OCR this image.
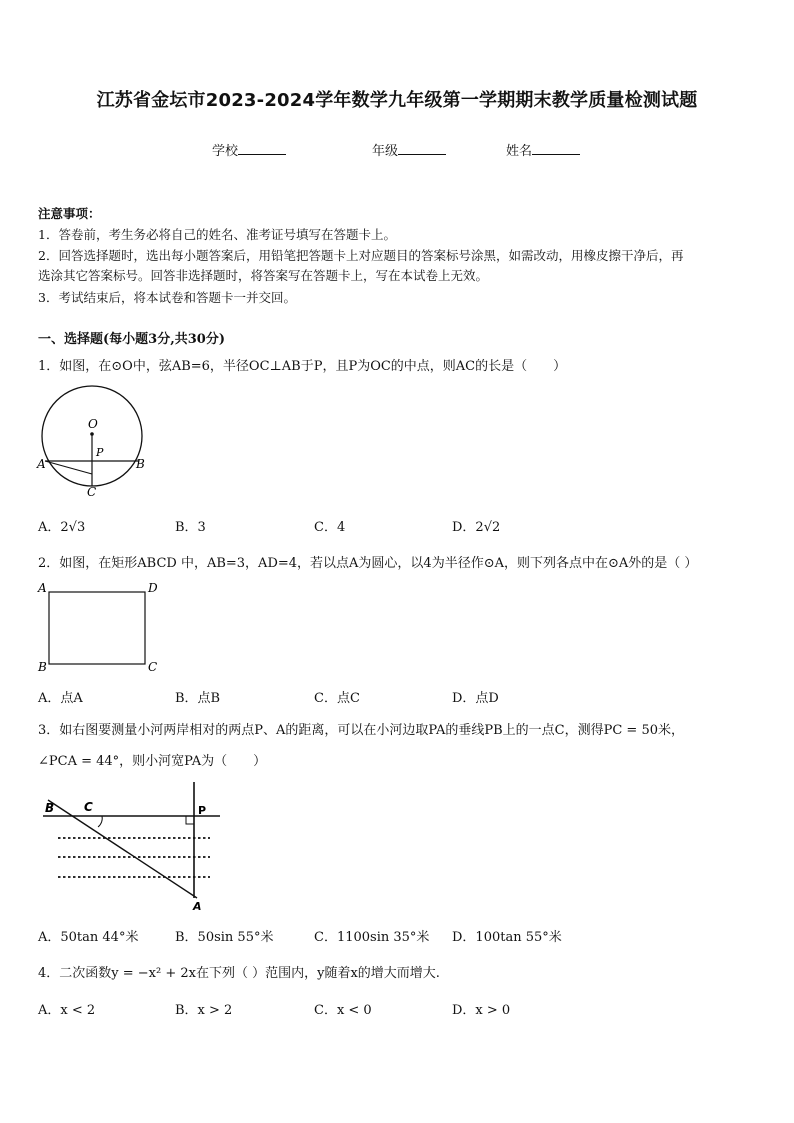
江苏省金坛市2023-2024学年数学九年级第一学期期末教学质量检测试题
学校	年级	姓名
注意事项：
1．答卷前，考生务必将自己的姓名、准考证号填写在答题卡上。
2．回答选择题时，选出每小题答案后，用铅笔把答题卡上对应题目的答案标号涂黑，如需改动，用橡皮擦干净后，再
选涂其它答案标号。回答非选择题时，将答案写在答题卡上，写在本试卷上无效。
3．考试结束后，将本试卷和答题卡一并交回。
一、选择题(每小题3分,共30分)
1．如图，在⊙O中，弦AB=6，半径OC⊥AB于P，且P为OC的中点，则AC的长是（　　）
O
P
A	B
C
A．2√3	B．3	C．4	D．2√2
2．如图，在矩形ABCD 中，AB=3，AD=4，若以点A为圆心，以4为半径作⊙A，则下列各点中在⊙A外的是（ ）
A	D
B	C
A．点A	B．点B	C．点C	D．点D
3．如右图要测量小河两岸相对的两点P、A的距离，可以在小河边取PA的垂线PB上的一点C，测得PC = 50米，
∠PCA = 44°，则小河宽PA为（　　）
B C	P
A
A．50tan 44°米	B．50sin 55°米	C．1100sin 35°米 D．100tan 55°米
4．二次函数y = −x² + 2x在下列（ ）范围内，y随着x的增大而增大.
A．x < 2	B．x > 2	C．x < 0	D．x > 0
